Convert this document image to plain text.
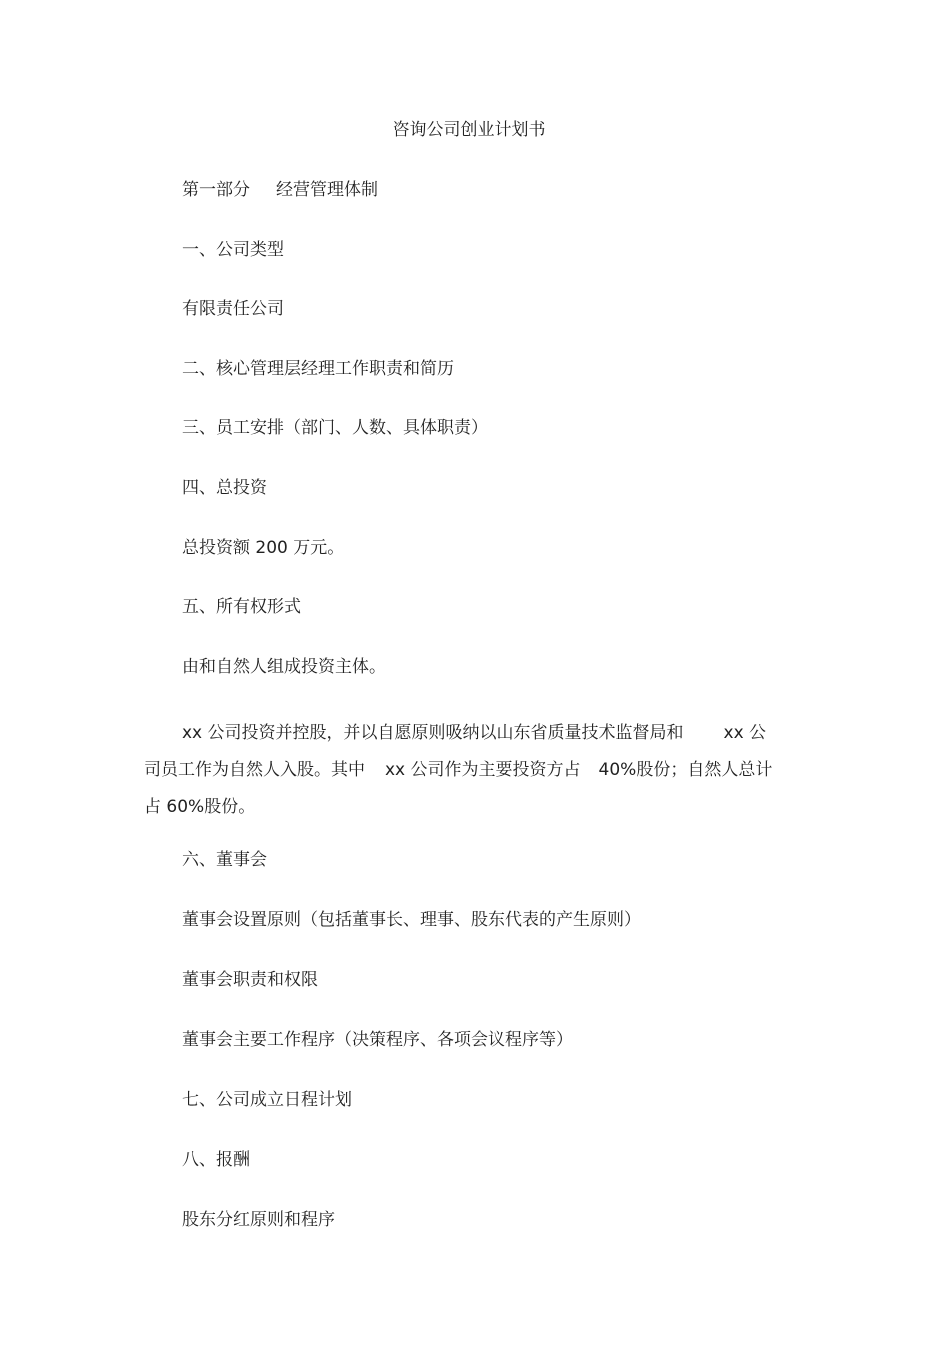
咨询公司创业计划书
第一部分 经营管理体制
一、公司类型
有限责任公司
二、核心管理层经理工作职责和简历
三、员工安排（部门、人数、具体职责）
四、总投资
总投资额 200 万元。
五、所有权形式
由和自然人组成投资主体。
xx 公司投资并控股，并以自愿原则吸纳以山东省质量技术监督局和 xx 公
司员工作为自然人入股。其中 xx 公司作为主要投资方占 40%股份；自然人总计
占 60%股份。
六、董事会
董事会设置原则（包括董事长、理事、股东代表的产生原则）
董事会职责和权限
董事会主要工作程序（决策程序、各项会议程序等）
七、公司成立日程计划
八、报酬
股东分红原则和程序
